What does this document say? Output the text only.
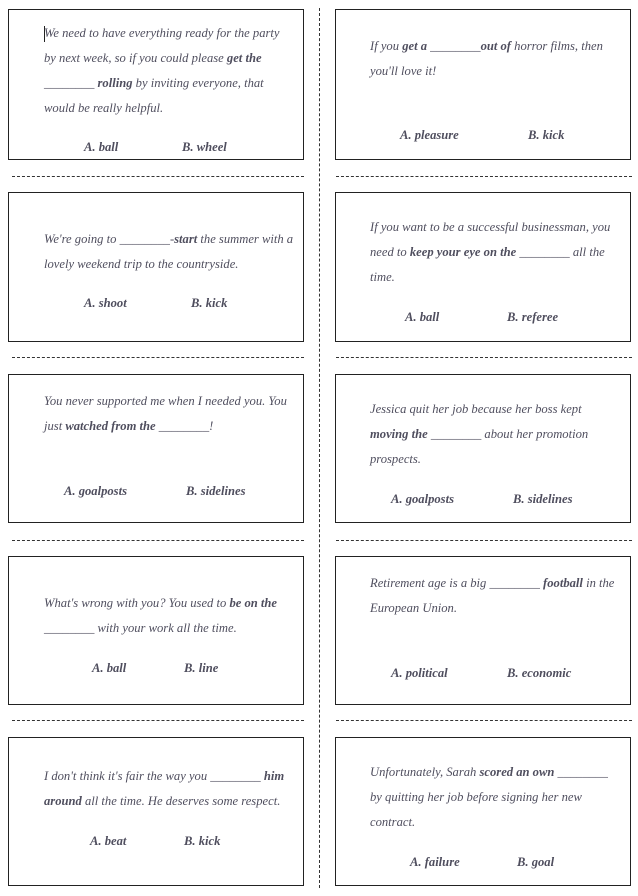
We need to have everything ready for the party by next week, so if you could please get the ________ rolling by inviting everyone, that would be really helpful.

A. ball	B. wheel

If you get a ________out of horror films, then you'll love it!

A. pleasure	B. kick

We're going to ________-start the summer with a lovely weekend trip to the countryside.

A. shoot	B. kick

If you want to be a successful businessman, you need to keep your eye on the ________ all the time.

A. ball	B. referee

You never supported me when I needed you. You just watched from the ________!

A. goalposts	B. sidelines

Jessica quit her job because her boss kept moving the ________ about her promotion prospects.

A. goalposts	B. sidelines

What's wrong with you? You used to be on the ________ with your work all the time.

A. ball	B. line

Retirement age is a big ________ football in the European Union.

A. political	B. economic

I don't think it's fair the way you ________ him around all the time. He deserves some respect.

A. beat	B. kick

Unfortunately, Sarah scored an own ________ by quitting her job before signing her new contract.

A. failure	B. goal
